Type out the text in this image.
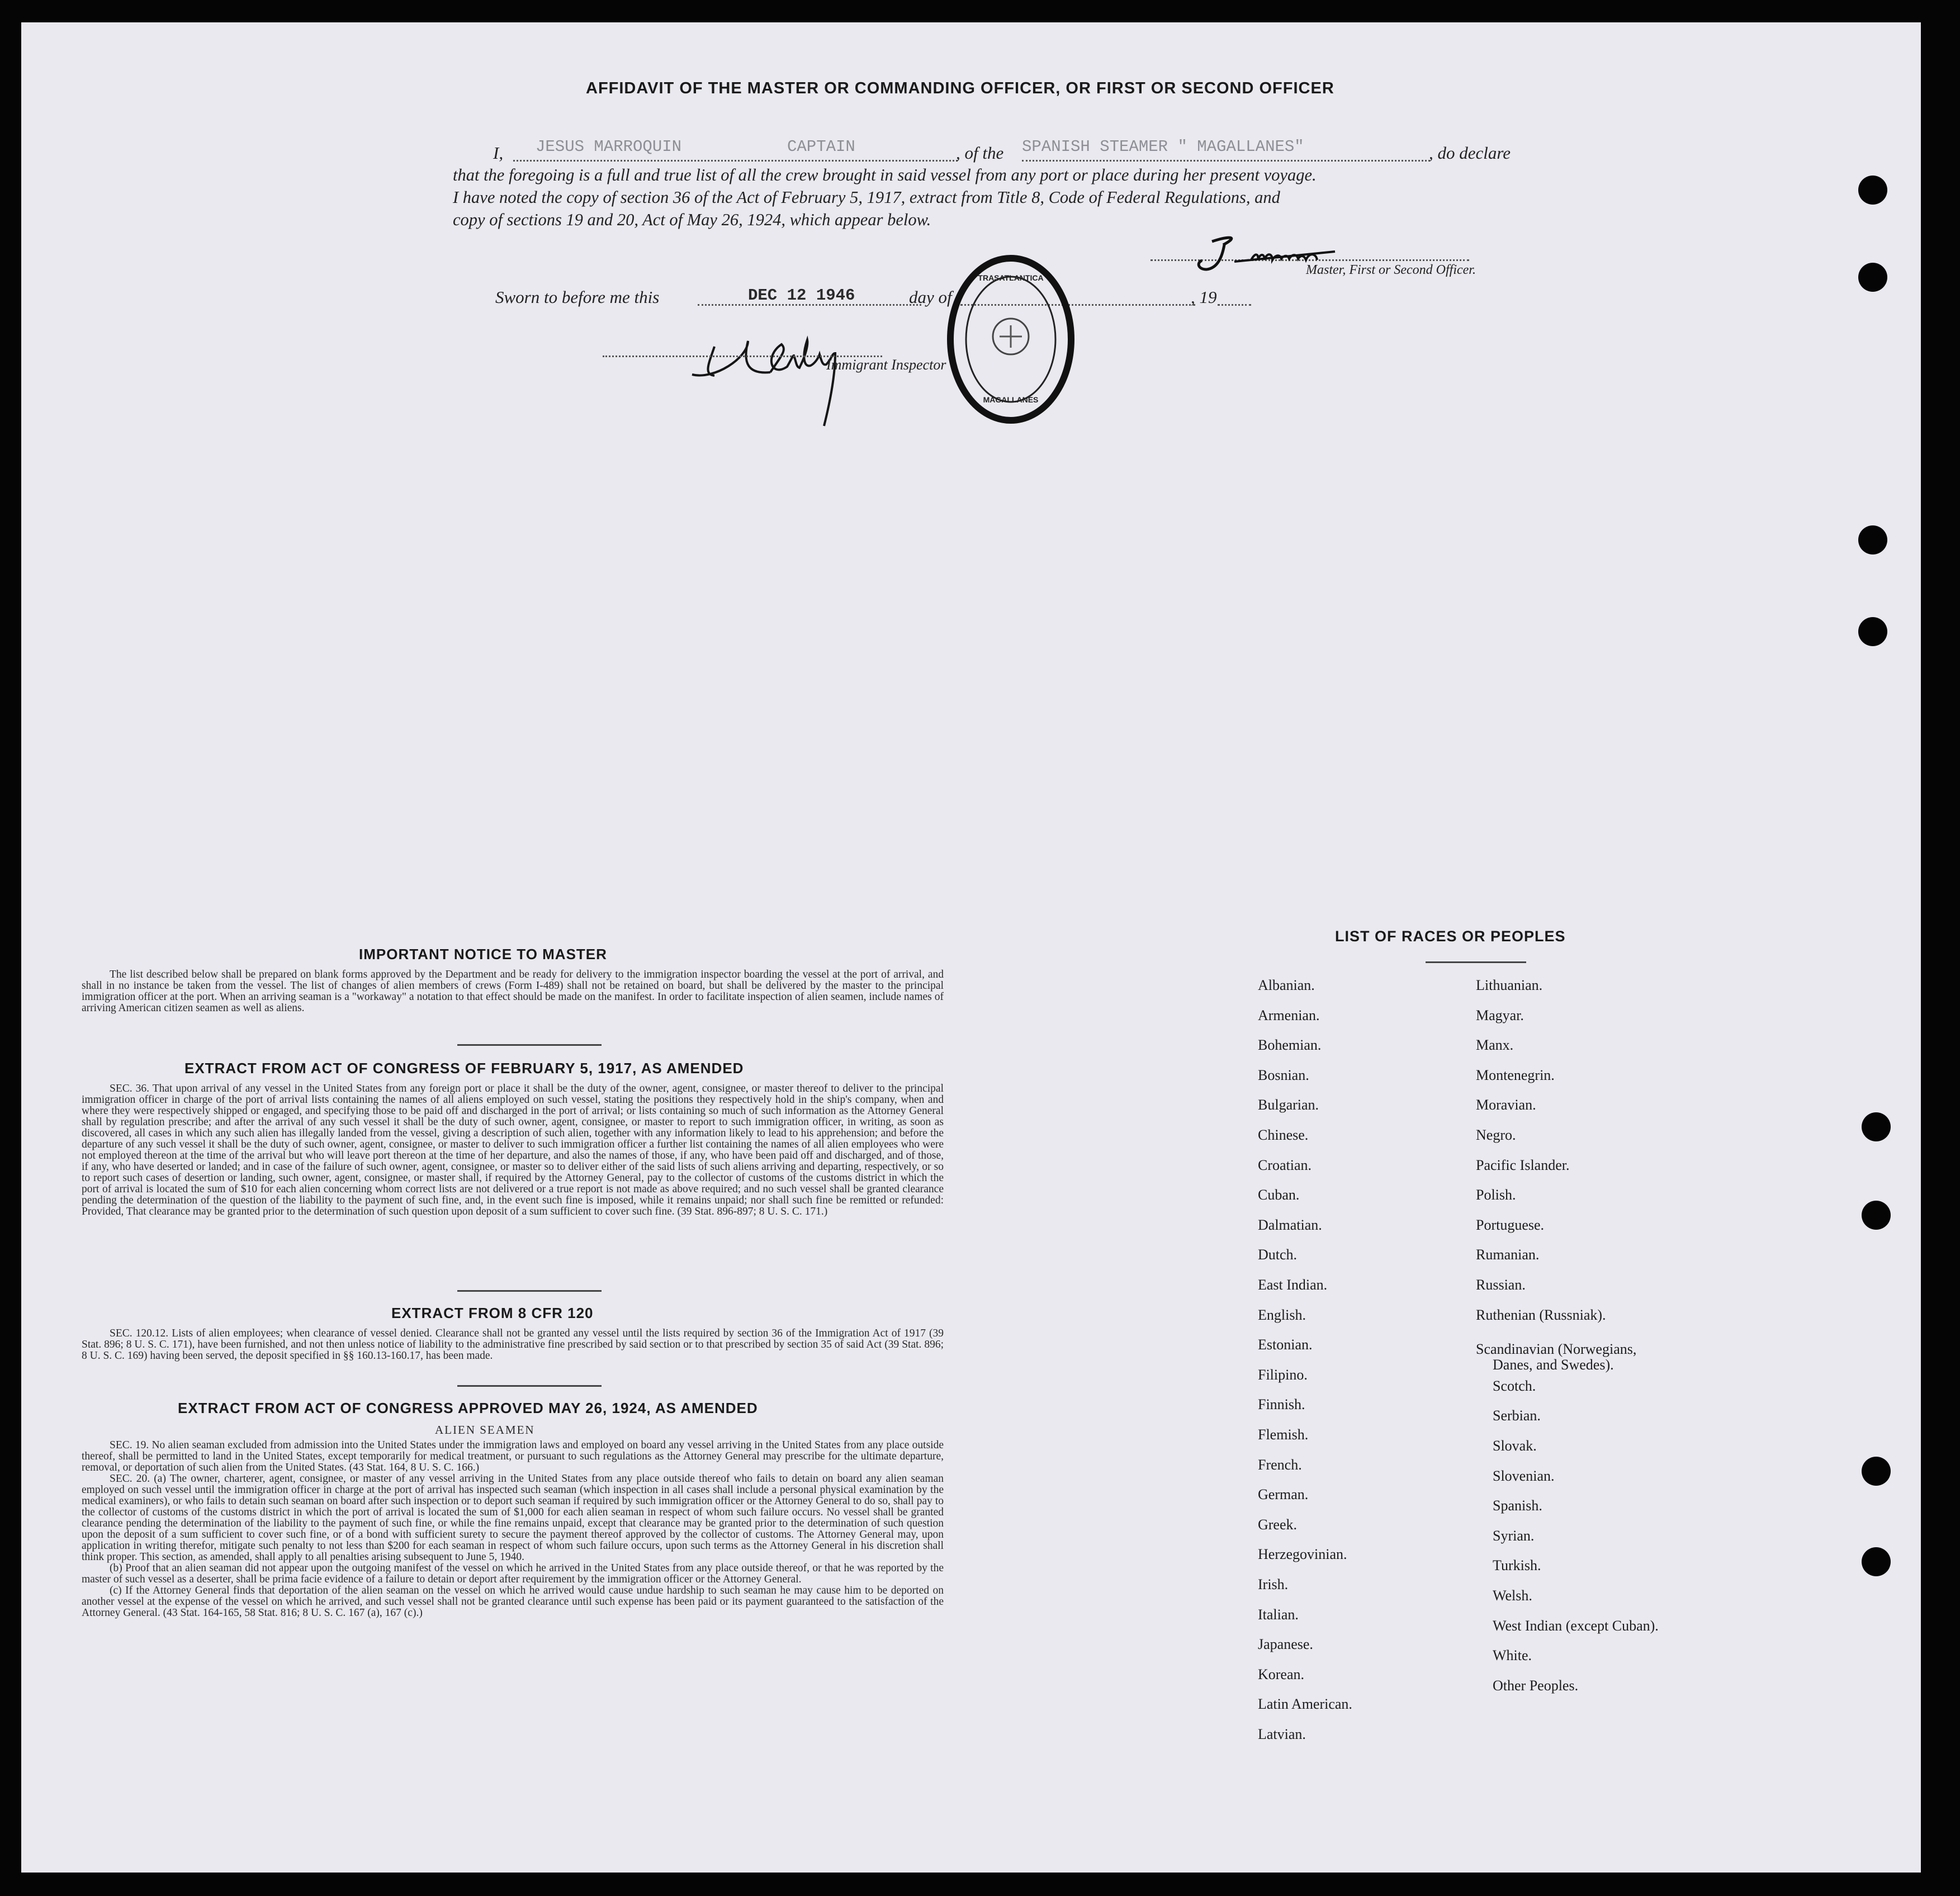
AFFIDAVIT OF THE MASTER OR COMMANDING OFFICER, OR FIRST OR SECOND OFFICER
I, JESUS MARROQUIN	CAPTAIN	, of the SPANISH STEAMER " MAGALLANES"	, do declare
that the foregoing is a full and true list of all the crew brought in said vessel from any port or place during her present voyage.
I have noted the copy of section 36 of the Act of February 5, 1917, extract from Title 8, Code of Federal Regulations, and
copy of sections 19 and 20, Act of May 26, 1924, which appear below.
Master, First or Second Officer.
Sworn to before me this	DEC 12 1946	day of	, 19
Immigrant Inspector
TRASATLANTICA
MAGALLANES
IMPORTANT NOTICE TO MASTER

The list described below shall be prepared on blank forms approved by the Department and be ready for delivery to the immigration inspector boarding the vessel at the port of arrival, and shall in no instance be taken from the vessel. The list of changes of alien members of crews (Form I-489) shall not be retained on board, but shall be delivered by the master to the principal immigration officer at the port. When an arriving seaman is a "workaway" a notation to that effect should be made on the manifest. In order to facilitate inspection of alien seamen, include names of arriving American citizen seamen as well as aliens.

EXTRACT FROM ACT OF CONGRESS OF FEBRUARY 5, 1917, AS AMENDED

SEC. 36. That upon arrival of any vessel in the United States from any foreign port or place it shall be the duty of the owner, agent, consignee, or master thereof to deliver to the principal immigration officer in charge of the port of arrival lists containing the names of all aliens employed on such vessel, stating the positions they respectively hold in the ship's company, when and where they were respectively shipped or engaged, and specifying those to be paid off and discharged in the port of arrival; or lists containing so much of such information as the Attorney General shall by regulation prescribe; and after the arrival of any such vessel it shall be the duty of such owner, agent, consignee, or master to report to such immigration officer, in writing, as soon as discovered, all cases in which any such alien has illegally landed from the vessel, giving a description of such alien, together with any information likely to lead to his apprehension; and before the departure of any such vessel it shall be the duty of such owner, agent, consignee, or master to deliver to such immigration officer a further list containing the names of all alien employees who were not employed thereon at the time of the arrival but who will leave port thereon at the time of her departure, and also the names of those, if any, who have been paid off and discharged, and of those, if any, who have deserted or landed; and in case of the failure of such owner, agent, consignee, or master so to deliver either of the said lists of such aliens arriving and departing, respectively, or so to report such cases of desertion or landing, such owner, agent, consignee, or master shall, if required by the Attorney General, pay to the collector of customs of the customs district in which the port of arrival is located the sum of $10 for each alien concerning whom correct lists are not delivered or a true report is not made as above required; and no such vessel shall be granted clearance pending the determination of the question of the liability to the payment of such fine, and, in the event such fine is imposed, while it remains unpaid; nor shall such fine be remitted or refunded: Provided, That clearance may be granted prior to the determination of such question upon deposit of a sum sufficient to cover such fine. (39 Stat. 896-897; 8 U. S. C. 171.)

EXTRACT FROM 8 CFR 120

SEC. 120.12. Lists of alien employees; when clearance of vessel denied. Clearance shall not be granted any vessel until the lists required by section 36 of the Immigration Act of 1917 (39 Stat. 896; 8 U. S. C. 171), have been furnished, and not then unless notice of liability to the administrative fine prescribed by said section or to that prescribed by section 35 of said Act (39 Stat. 896; 8 U. S. C. 169) having been served, the deposit specified in §§ 160.13-160.17, has been made.

EXTRACT FROM ACT OF CONGRESS APPROVED MAY 26, 1924, AS AMENDED
ALIEN SEAMEN

SEC. 19. No alien seaman excluded from admission into the United States under the immigration laws and employed on board any vessel arriving in the United States from any place outside thereof, shall be permitted to land in the United States, except temporarily for medical treatment, or pursuant to such regulations as the Attorney General may prescribe for the ultimate departure, removal, or deportation of such alien from the United States. (43 Stat. 164, 8 U. S. C. 166.)

SEC. 20. (a) The owner, charterer, agent, consignee, or master of any vessel arriving in the United States from any place outside thereof who fails to detain on board any alien seaman employed on such vessel until the immigration officer in charge at the port of arrival has inspected such seaman (which inspection in all cases shall include a personal physical examination by the medical examiners), or who fails to detain such seaman on board after such inspection or to deport such seaman if required by such immigration officer or the Attorney General to do so, shall pay to the collector of customs of the customs district in which the port of arrival is located the sum of $1,000 for each alien seaman in respect of whom such failure occurs. No vessel shall be granted clearance pending the determination of the liability to the payment of such fine, or while the fine remains unpaid, except that clearance may be granted prior to the determination of such question upon the deposit of a sum sufficient to cover such fine, or of a bond with sufficient surety to secure the payment thereof approved by the collector of customs. The Attorney General may, upon application in writing therefor, mitigate such penalty to not less than $200 for each seaman in respect of whom such failure occurs, upon such terms as the Attorney General in his discretion shall think proper. This section, as amended, shall apply to all penalties arising subsequent to June 5, 1940.

(b) Proof that an alien seaman did not appear upon the outgoing manifest of the vessel on which he arrived in the United States from any place outside thereof, or that he was reported by the master of such vessel as a deserter, shall be prima facie evidence of a failure to detain or deport after requirement by the immigration officer or the Attorney General.

(c) If the Attorney General finds that deportation of the alien seaman on the vessel on which he arrived would cause undue hardship to such seaman he may cause him to be deported on another vessel at the expense of the vessel on which he arrived, and such vessel shall not be granted clearance until such expense has been paid or its payment guaranteed to the satisfaction of the Attorney General. (43 Stat. 164-165, 58 Stat. 816; 8 U. S. C. 167 (a), 167 (c).)

LIST OF RACES OR PEOPLES
Albanian.
Armenian.
Bohemian.
Bosnian.
Bulgarian.
Chinese.
Croatian.
Cuban.
Dalmatian.
Dutch.
East Indian.
English.
Estonian.
Filipino.
Finnish.
Flemish.
French.
German.
Greek.
Herzegovinian.
Irish.
Italian.
Japanese.
Korean.
Latin American.
Latvian.
Lithuanian.
Magyar.
Manx.
Montenegrin.
Moravian.
Negro.
Pacific Islander.
Polish.
Portuguese.
Rumanian.
Russian.
Ruthenian (Russniak).
Scandinavian (Norwegians,
Danes, and Swedes).
Scotch.
Serbian.
Slovak.
Slovenian.
Spanish.
Syrian.
Turkish.
Welsh.
West Indian (except Cuban).
White.
Other Peoples.
